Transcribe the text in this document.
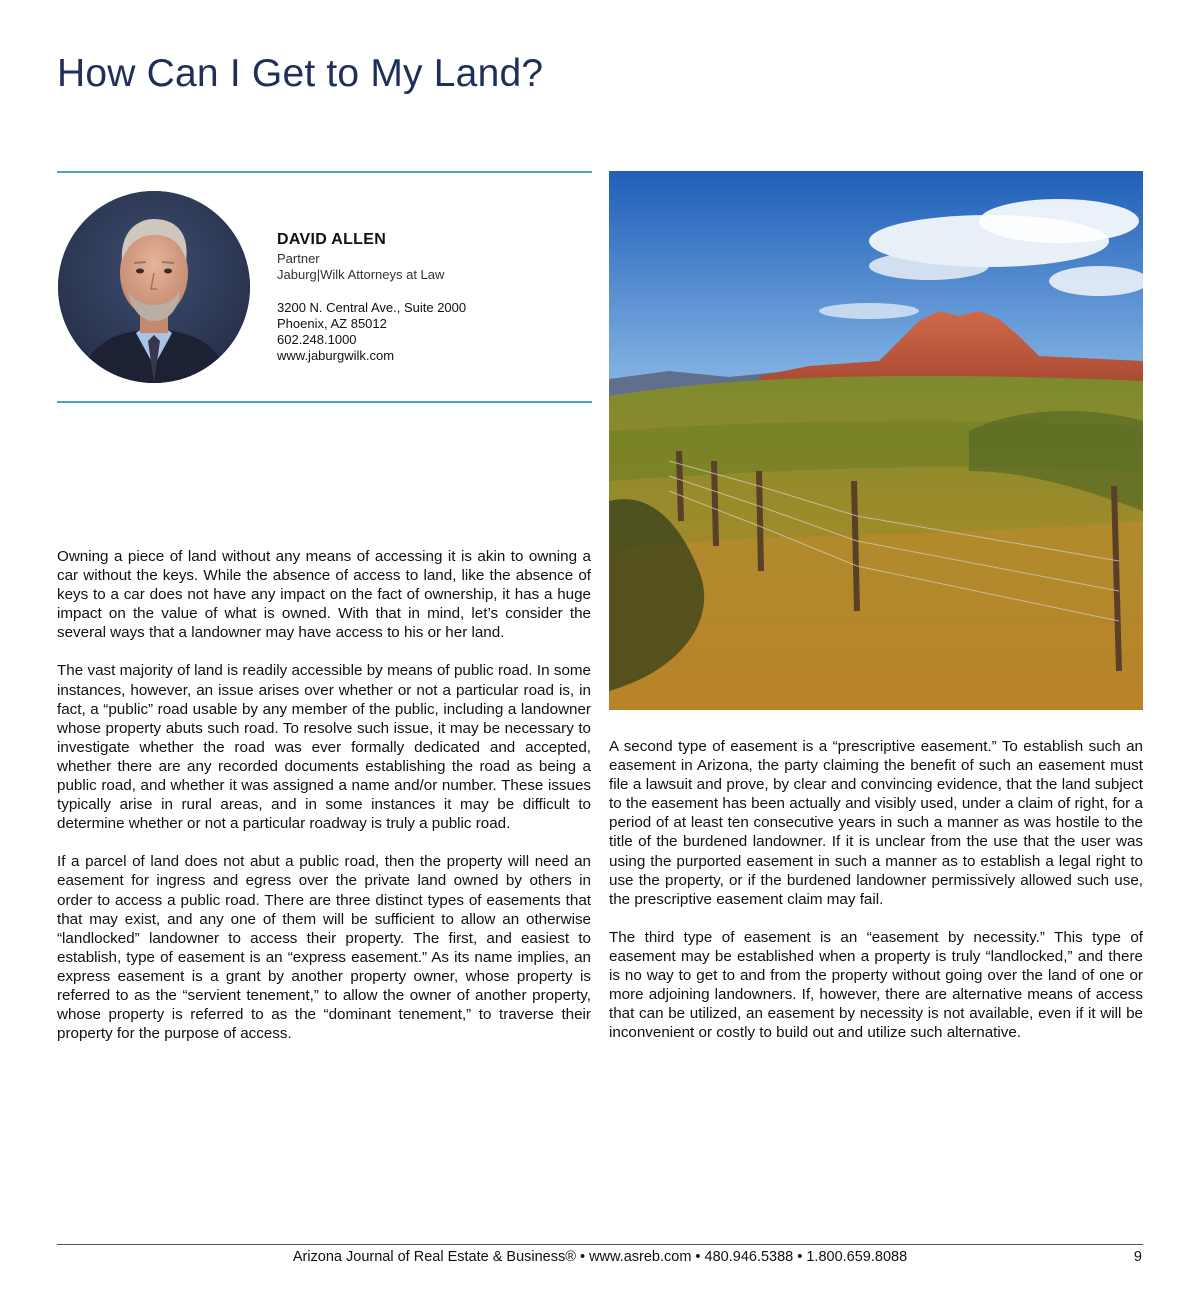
How Can I Get to My Land?
DAVID ALLEN
Partner
Jaburg|Wilk Attorneys at Law
3200 N. Central Ave., Suite 2000
Phoenix, AZ 85012
602.248.1000
www.jaburgwilk.com

Owning a piece of land without any means of accessing it is akin to owning a car without the keys. While the absence of access to land, like the absence of keys to a car does not have any impact on the fact of ownership, it has a huge impact on the value of what is owned. With that in mind, let’s consider the several ways that a landowner may have access to his or her land.

The vast majority of land is readily accessible by means of public road. In some instances, however, an issue arises over whether or not a particular road is, in fact, a “public” road usable by any member of the public, including a landowner whose property abuts such road. To resolve such issue, it may be necessary to investigate whether the road was ever formally dedicated and accepted, whether there are any recorded documents establishing the road as being a public road, and whether it was assigned a name and/or number. These issues typically arise in rural areas, and in some instances it may be difficult to determine whether or not a particular roadway is truly a public road.

If a parcel of land does not abut a public road, then the property will need an easement for ingress and egress over the private land owned by others in order to access a public road. There are three distinct types of easements that that may exist, and any one of them will be sufficient to allow an otherwise “landlocked” landowner to access their property. The first, and easiest to establish, type of easement is an “express easement.” As its name implies, an express easement is a grant by another property owner, whose property is referred to as the “servient tenement,” to allow the owner of another property, whose property is referred to as the “dominant tenement,” to traverse their property for the purpose of access.

A second type of easement is a “prescriptive easement.” To establish such an easement in Arizona, the party claiming the benefit of such an easement must file a lawsuit and prove, by clear and convincing evidence, that the land subject to the easement has been actually and visibly used, under a claim of right, for a period of at least ten consecutive years in such a manner as was hostile to the title of the burdened landowner. If it is unclear from the use that the user was using the purported easement in such a manner as to establish a legal right to use the property, or if the burdened landowner permissively allowed such use, the prescriptive easement claim may fail.

The third type of easement is an “easement by necessity.” This type of easement may be established when a property is truly “landlocked,” and there is no way to get to and from the property without going over the land of one or more adjoining landowners. If, however, there are alternative means of access that can be utilized, an easement by necessity is not available, even if it will be inconvenient or costly to build out and utilize such alternative.

Arizona Journal of Real Estate & Business® • www.asreb.com • 480.946.5388 • 1.800.659.8088	9
